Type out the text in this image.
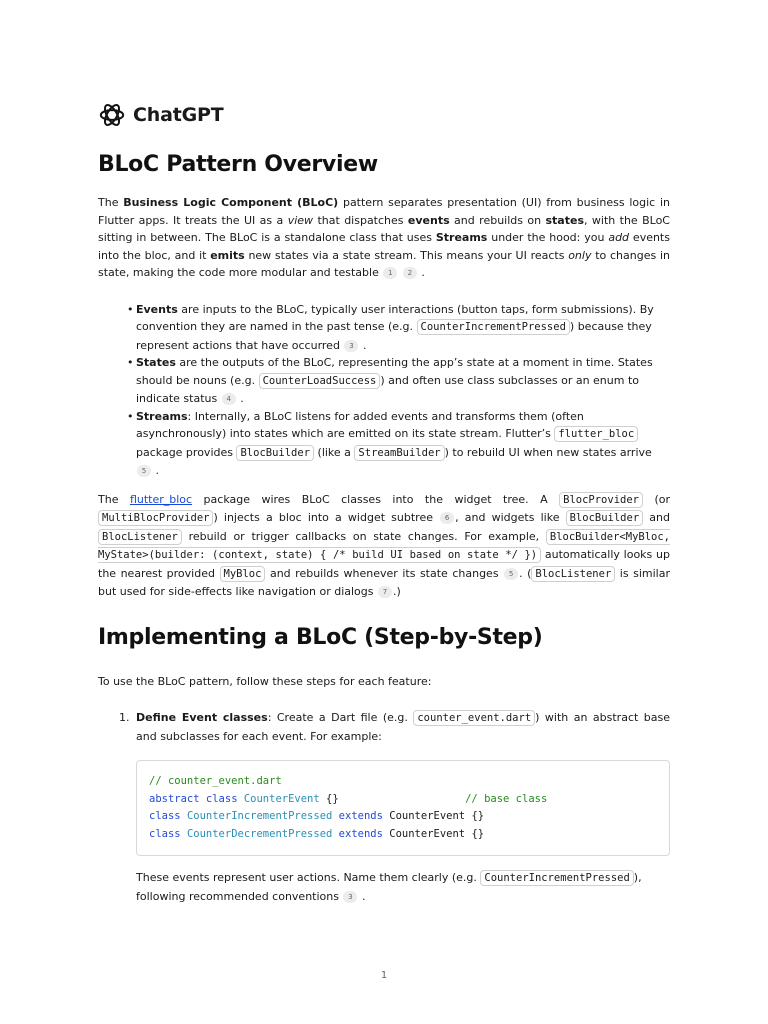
ChatGPT
BLoC Pattern Overview

The Business Logic Component (BLoC) pattern separates presentation (UI) from business logic in Flutter apps. It treats the UI as a view that dispatches events and rebuilds on states, with the BLoC sitting in between. The BLoC is a standalone class that uses Streams under the hood: you add events into the bloc, and it emits new states via a state stream. This means your UI reacts only to changes in state, making the code more modular and testable 1 2 .

• Events are inputs to the BLoC, typically user interactions (button taps, form submissions). By convention they are named in the past tense (e.g. CounterIncrementPressed ) because they represent actions that have occurred 3 .
• States are the outputs of the BLoC, representing the app’s state at a moment in time. States should be nouns (e.g. CounterLoadSuccess ) and often use class subclasses or an enum to indicate status 4 .
• Streams: Internally, a BLoC listens for added events and transforms them (often asynchronously) into states which are emitted on its state stream. Flutter’s flutter_bloc package provides BlocBuilder (like a StreamBuilder ) to rebuild UI when new states arrive 5 .

The flutter_bloc package wires BLoC classes into the widget tree. A BlocProvider (or MultiBlocProvider ) injects a bloc into a widget subtree 6 , and widgets like BlocBuilder and BlocListener rebuild or trigger callbacks on state changes. For example, BlocBuilder<MyBloc, MyState>(builder: (context, state) { /* build UI based on state */ }) automatically looks up the nearest provided MyBloc and rebuilds whenever its state changes 5 . ( BlocListener is similar but used for side-effects like navigation or dialogs 7 .)

Implementing a BLoC (Step-by-Step)

To use the BLoC pattern, follow these steps for each feature:

1. Define Event classes: Create a Dart file (e.g. counter_event.dart ) with an abstract base and subclasses for each event. For example:

// counter_event.dart
abstract class CounterEvent {}	// base class
class CounterIncrementPressed extends CounterEvent {}
class CounterDecrementPressed extends CounterEvent {}

These events represent user actions. Name them clearly (e.g. CounterIncrementPressed ), following recommended conventions 3 .

1
